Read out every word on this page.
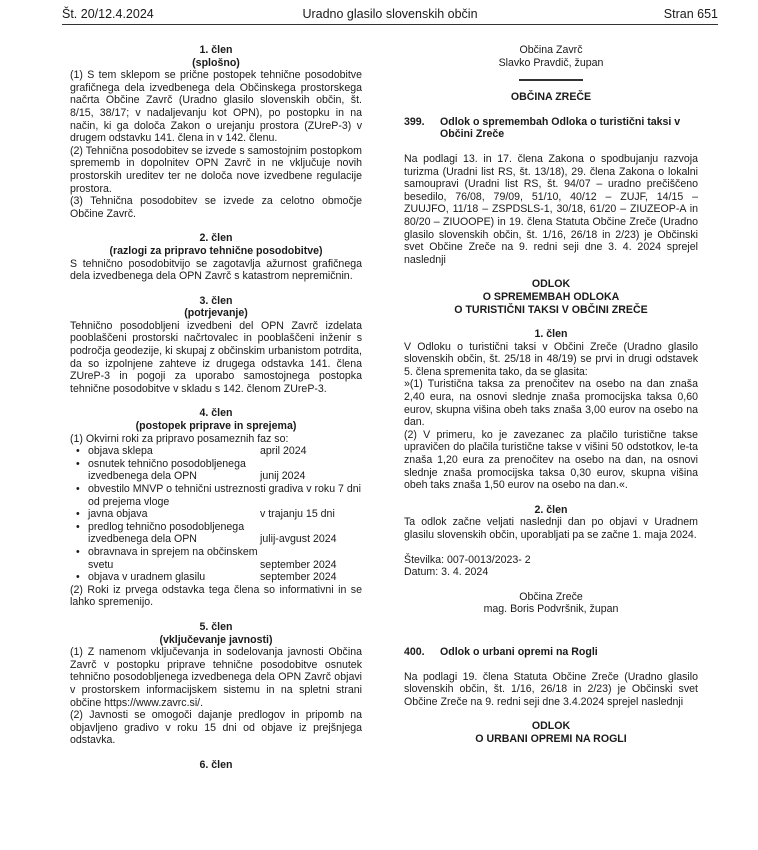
Št. 20/12.4.2024	Uradno glasilo slovenskih občin	Stran 651

1. člen

(splošno)

(1) S tem sklepom se prične postopek tehnične posodobitve grafičnega dela izvedbenega dela Občinskega prostorskega načrta Občine Zavrč (Uradno glasilo slovenskih občin, št. 8/15, 38/17; v nadaljevanju kot OPN), po postopku in na način, ki ga določa Zakon o urejanju prostora (ZUreP-3) v drugem odstavku 141. člena in v 142. členu.

(2) Tehnična posodobitev se izvede s samostojnim postopkom sprememb in dopolnitev OPN Zavrč in ne vključuje novih prostorskih ureditev ter ne določa nove izvedbene regulacije prostora.

(3) Tehnična posodobitev se izvede za celotno območje Občine Zavrč.

2. člen

(razlogi za pripravo tehnične posodobitve)

S tehnično posodobitvijo se zagotavlja ažurnost grafičnega dela izvedbenega dela OPN Zavrč s katastrom nepremičnin.

3. člen

(potrjevanje)

Tehnično posodobljeni izvedbeni del OPN Zavrč izdelata pooblaščeni prostorski načrtovalec in pooblaščeni inženir s področja geodezije, ki skupaj z občinskim urbanistom potrdita, da so izpolnjene zahteve iz drugega odstavka 141. člena ZUreP-3 in pogoji za uporabo samostojnega postopka tehnične posodobitve v skladu s 142. členom ZUreP-3.

4. člen

(postopek priprave in sprejema)

(1) Okvirni roki za pripravo posameznih faz so:

• objava sklepa	april 2024
• osnutek tehnično posodobljenega izvedbenega dela OPN	junij 2024
• obvestilo MNVP o tehnični ustreznosti gradiva v roku 7 dni od prejema vloge
• javna objava	v trajanju 15 dni
• predlog tehnično posodobljenega izvedbenega dela OPN	julij-avgust 2024
• obravnava in sprejem na občinskem svetu	september 2024
• objava v uradnem glasilu	september 2024

(2) Roki iz prvega odstavka tega člena so informativni in se lahko spremenijo.

5. člen

(vključevanje javnosti)

(1) Z namenom vključevanja in sodelovanja javnosti Občina Zavrč v postopku priprave tehnične posodobitve osnutek tehnično posodobljenega izvedbenega dela OPN Zavrč objavi v prostorskem informacijskem sistemu in na spletni strani občine https://www.zavrc.si/.

(2) Javnosti se omogoči dajanje predlogov in pripomb na objavljeno gradivo v roku 15 dni od objave iz prejšnjega odstavka.

6. člen

Občina Zavrč

Slavko Pravdič, župan

OBČINA ZREČE

399.	Odlok o spremembah Odloka o turistični taksi v Občini Zreče

Na podlagi 13. in 17. člena Zakona o spodbujanju razvoja turizma (Uradni list RS, št. 13/18), 29. člena Zakona o lokalni samoupravi (Uradni list RS, št. 94/07 – uradno prečiščeno besedilo, 76/08, 79/09, 51/10, 40/12 – ZUJF, 14/15 – ZUUJFO, 11/18 – ZSPDSLS-1, 30/18, 61/20 – ZIUZEOP-A in 80/20 – ZIUOOPE) in 19. člena Statuta Občine Zreče (Uradno glasilo slovenskih občin, št. 1/16, 26/18 in 2/23) je Občinski svet Občine Zreče na 9. redni seji dne 3. 4. 2024 sprejel naslednji

ODLOK

O SPREMEMBAH ODLOKA

O TURISTIČNI TAKSI V OBČINI ZREČE

1. člen

V Odloku o turistični taksi v Občini Zreče (Uradno glasilo slovenskih občin, št. 25/18 in 48/19) se prvi in drugi odstavek 5. člena spremenita tako, da se glasita:

»(1) Turistična taksa za prenočitev na osebo na dan znaša 2,40 eura, na osnovi slednje znaša promocijska taksa 0,60 eurov, skupna višina obeh taks znaša 3,00 eurov na osebo na dan.

(2) V primeru, ko je zavezanec za plačilo turistične takse upravičen do plačila turistične takse v višini 50 odstotkov, le-ta znaša 1,20 eura za prenočitev na osebo na dan, na osnovi slednje znaša promocijska taksa 0,30 eurov, skupna višina obeh taks znaša 1,50 eurov na osebo na dan.«.

2. člen

Ta odlok začne veljati naslednji dan po objavi v Uradnem glasilu slovenskih občin, uporabljati pa se začne 1. maja 2024.

Številka: 007-0013/2023- 2

Datum: 3. 4. 2024

Občina Zreče

mag. Boris Podvršnik, župan

400.	Odlok o urbani opremi na Rogli

Na podlagi 19. člena Statuta Občine Zreče (Uradno glasilo slovenskih občin, št. 1/16, 26/18 in 2/23) je Občinski svet Občine Zreče na 9. redni seji dne 3.4.2024 sprejel naslednji

ODLOK

O URBANI OPREMI NA ROGLI
